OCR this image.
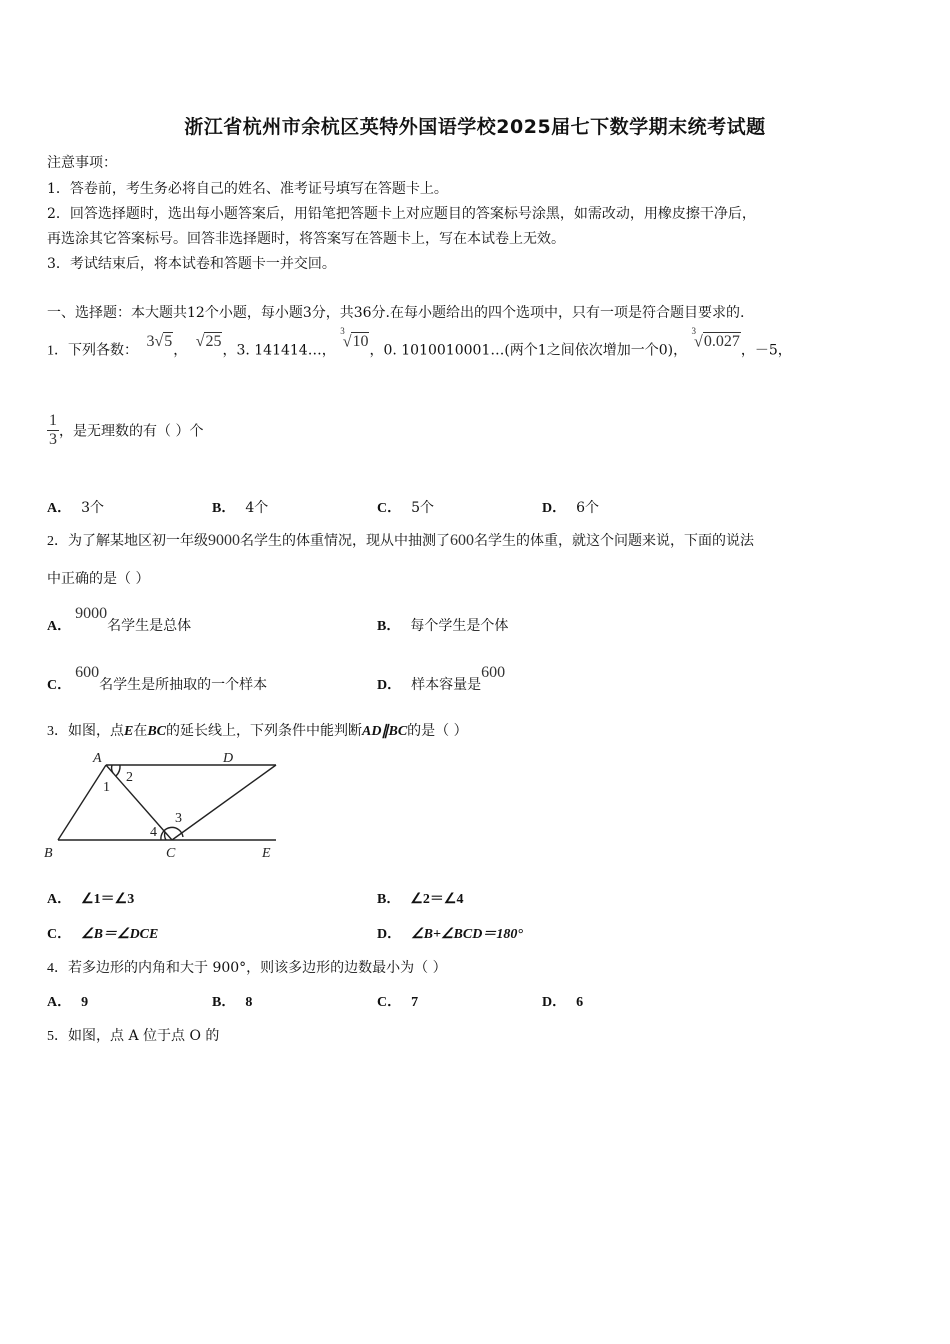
浙江省杭州市余杭区英特外国语学校2025届七下数学期末统考试题
注意事项：
1．答卷前，考生务必将自己的姓名、准考证号填写在答题卡上。
2．回答选择题时，选出每小题答案后，用铅笔把答题卡上对应题目的答案标号涂黑，如需改动，用橡皮擦干净后，
再选涂其它答案标号。回答非选择题时，将答案写在答题卡上，写在本试卷上无效。
3．考试结束后，将本试卷和答题卡一并交回。
一、选择题：本大题共12个小题，每小题3分，共36分.在每小题给出的四个选项中，只有一项是符合题目要求的.
1．下列各数： 3√5， √25，3. 141414…， $^3$√10，0. 1010010001…(两个1之间依次增加一个0)， $^3$√0.027，－5，
$\frac{1}{3}$ ，是无理数的有（ ）个
A． 3个	B． 4个	C． 5个	D． 6个
2．为了解某地区初一年级9000名学生的体重情况，现从中抽测了600名学生的体重，就这个问题来说，下面的说法
中正确的是（ ）
A．9000名学生是总体	B． 每个学生是个体
C．600名学生是所抽取的一个样本	D． 样本容量是600
3．如图，点E在BC的延长线上，下列条件中能判断AD∥BC的是（ ）
A	D
B	C	E
1
2
3
4
A． ∠1＝∠3	B． ∠2＝∠4
C． ∠B＝∠DCE	D． ∠B+∠BCD＝180°
4．若多边形的内角和大于 900°，则该多边形的边数最小为（ ）
A． 9	B． 8	C． 7	D． 6
5．如图，点 A 位于点 O 的
